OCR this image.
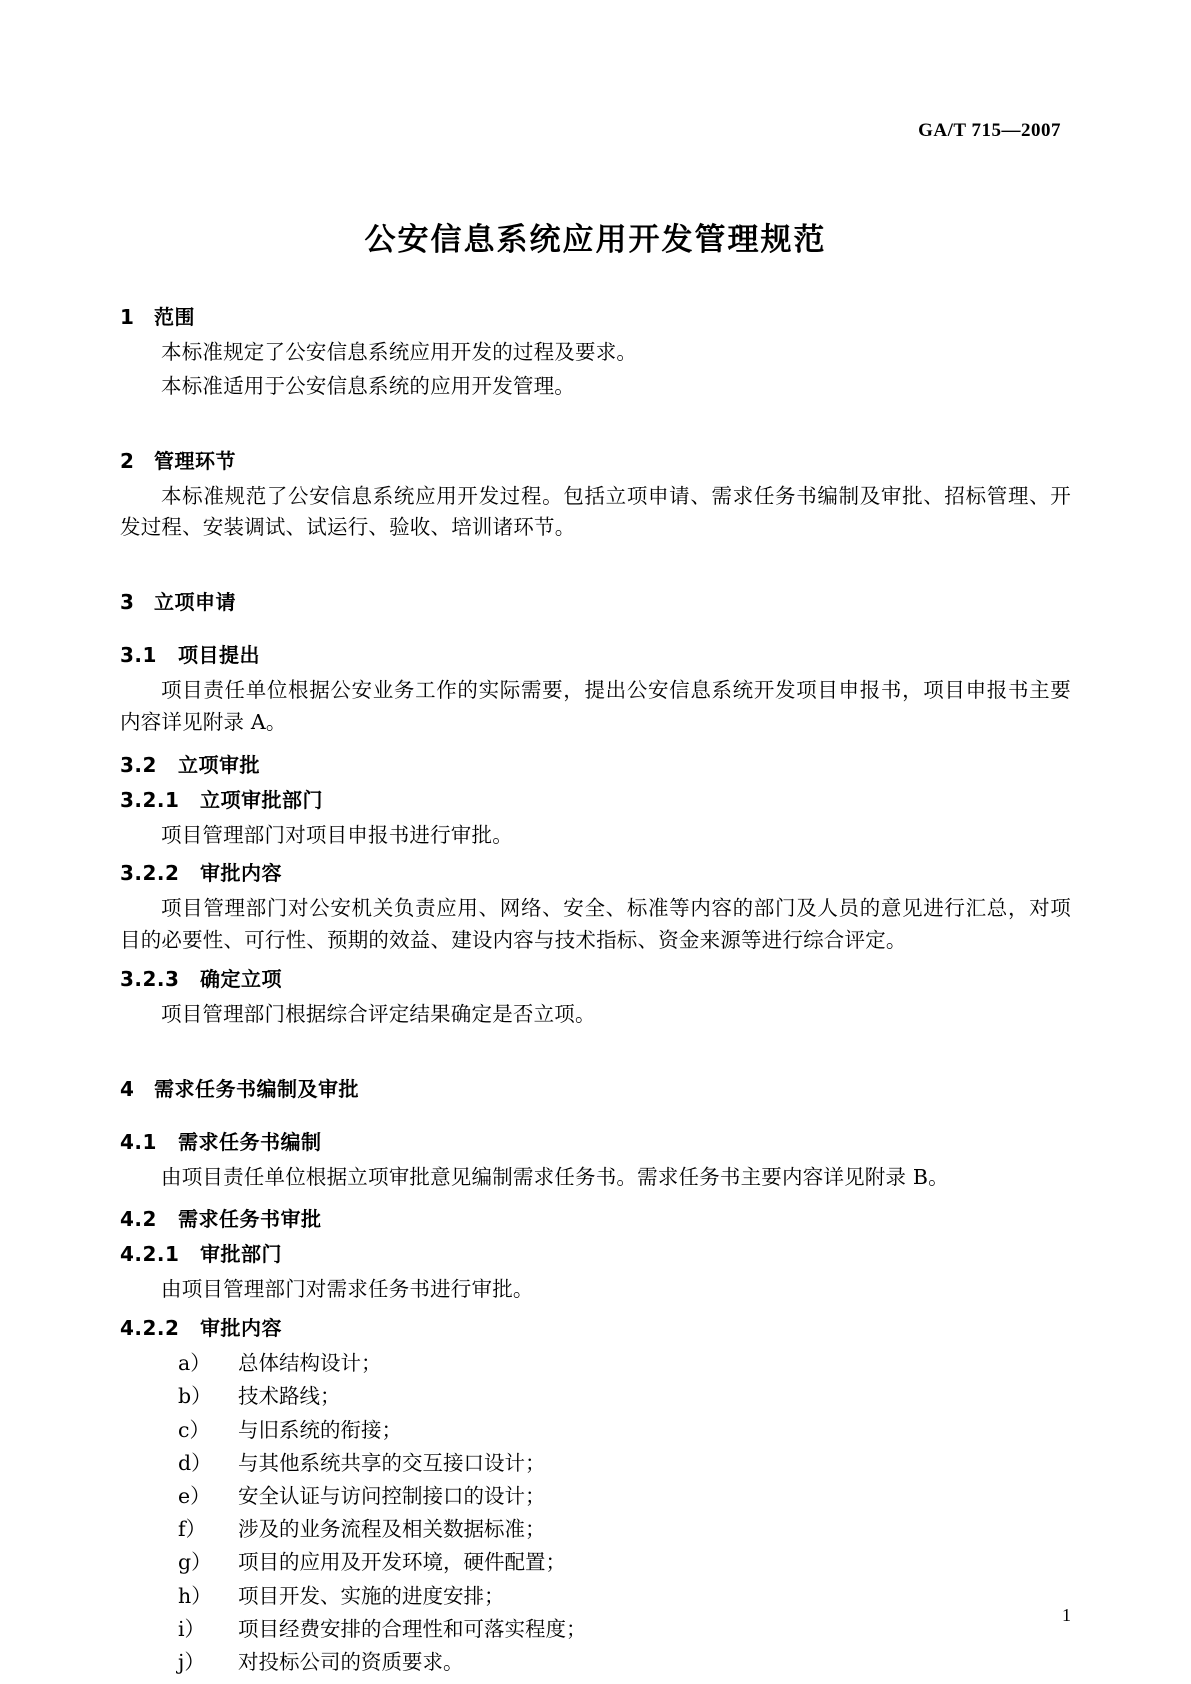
GA/T 715—2007
公安信息系统应用开发管理规范
1 范围

本标准规定了公安信息系统应用开发的过程及要求。

本标准适用于公安信息系统的应用开发管理。

2 管理环节

本标准规范了公安信息系统应用开发过程。包括立项申请、需求任务书编制及审批、招标管理、开发过程、安装调试、试运行、验收、培训诸环节。

3 立项申请
3.1 项目提出

项目责任单位根据公安业务工作的实际需要，提出公安信息系统开发项目申报书，项目申报书主要内容详见附录 A。

3.2 立项审批
3.2.1 立项审批部门

项目管理部门对项目申报书进行审批。

3.2.2 审批内容

项目管理部门对公安机关负责应用、网络、安全、标准等内容的部门及人员的意见进行汇总，对项目的必要性、可行性、预期的效益、建设内容与技术指标、资金来源等进行综合评定。

3.2.3 确定立项

项目管理部门根据综合评定结果确定是否立项。

4 需求任务书编制及审批
4.1 需求任务书编制

由项目责任单位根据立项审批意见编制需求任务书。需求任务书主要内容详见附录 B。

4.2 需求任务书审批
4.2.1 审批部门

由项目管理部门对需求任务书进行审批。

4.2.2 审批内容
a） 总体结构设计；
b） 技术路线；
c） 与旧系统的衔接；
d） 与其他系统共享的交互接口设计；
e） 安全认证与访问控制接口的设计；
f） 涉及的业务流程及相关数据标准；
g） 项目的应用及开发环境，硬件配置；
h） 项目开发、实施的进度安排；
i） 项目经费安排的合理性和可落实程度；
j） 对投标公司的资质要求。
1
